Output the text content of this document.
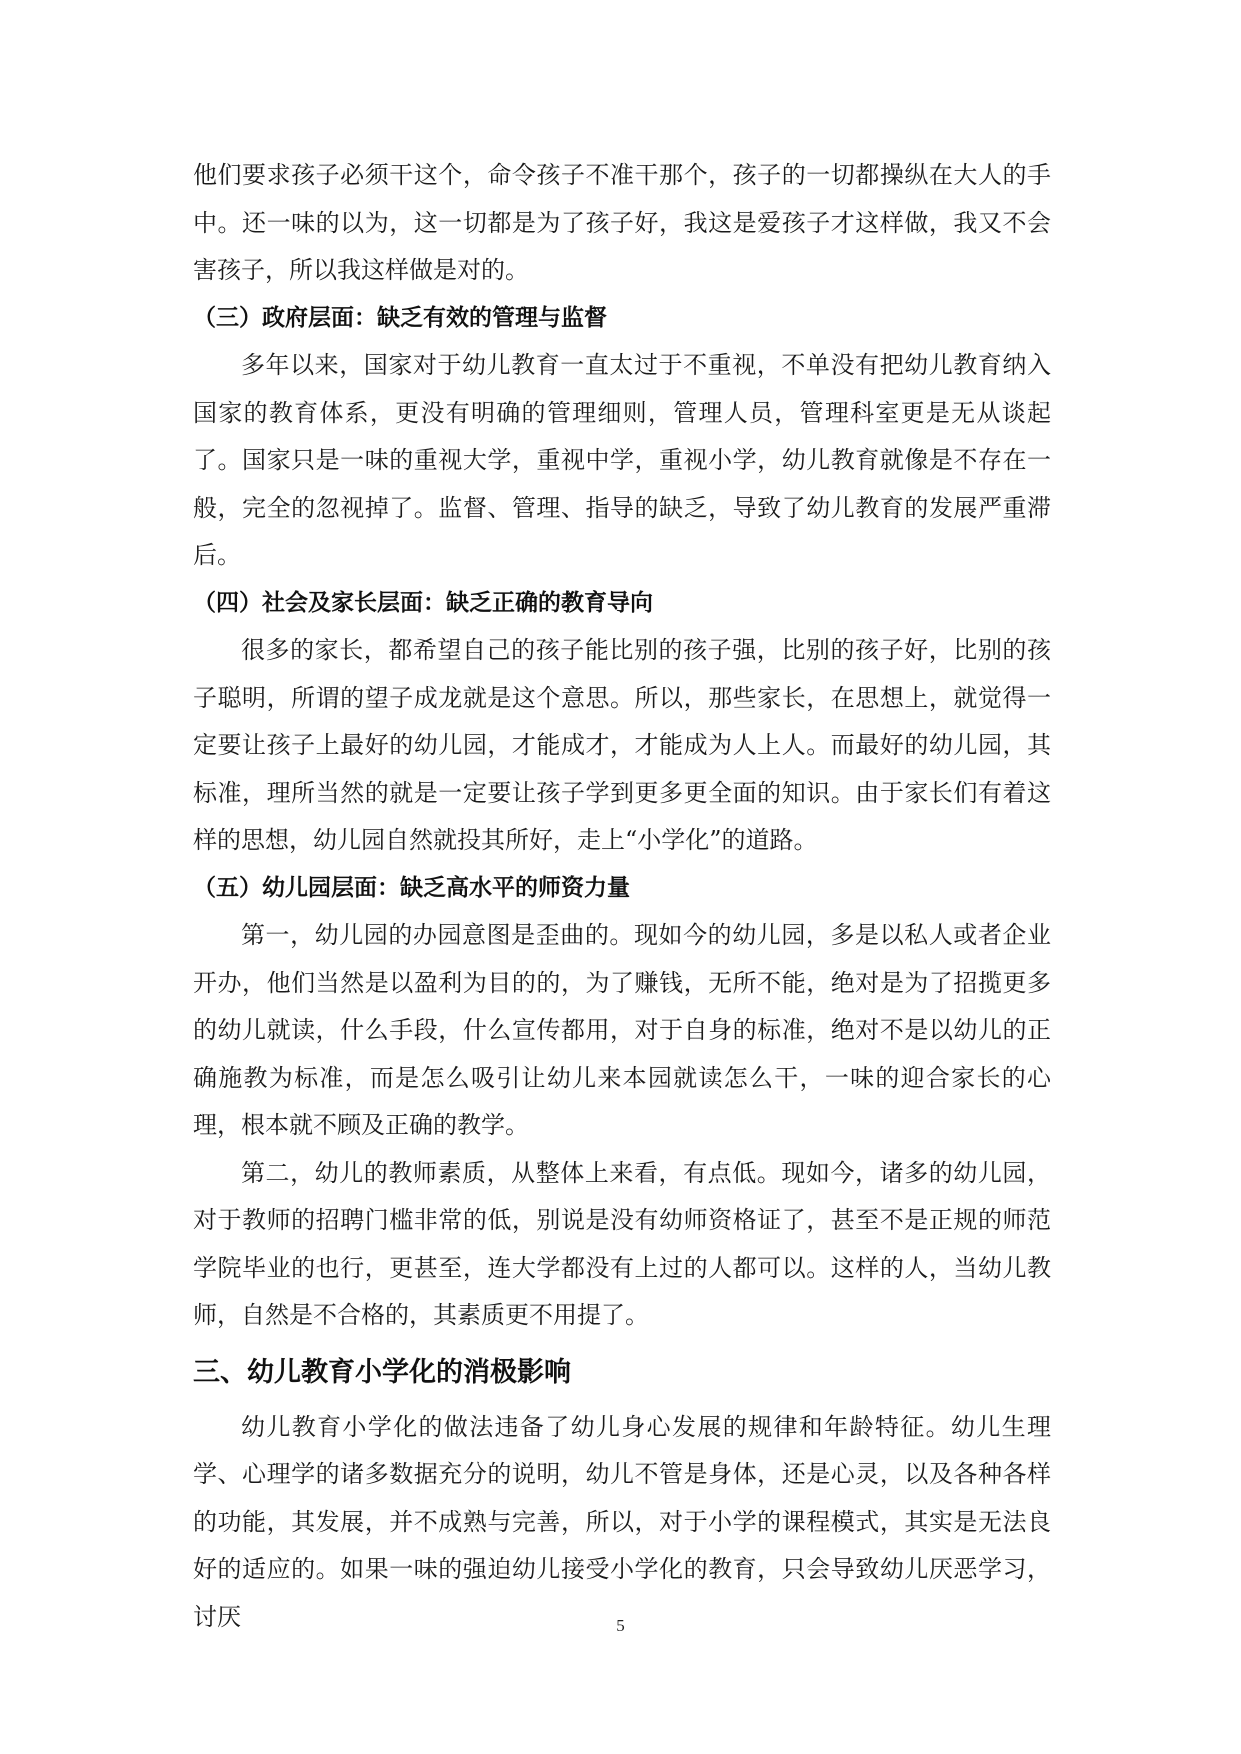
他们要求孩子必须干这个，命令孩子不准干那个，孩子的一切都操纵在大人的手中。还一味的以为，这一切都是为了孩子好，我这是爱孩子才这样做，我又不会害孩子，所以我这样做是对的。

（三）政府层面：缺乏有效的管理与监督

多年以来，国家对于幼儿教育一直太过于不重视，不单没有把幼儿教育纳入国家的教育体系，更没有明确的管理细则，管理人员，管理科室更是无从谈起了。国家只是一味的重视大学，重视中学，重视小学，幼儿教育就像是不存在一般，完全的忽视掉了。监督、管理、指导的缺乏，导致了幼儿教育的发展严重滞后。

（四）社会及家长层面：缺乏正确的教育导向

很多的家长，都希望自己的孩子能比别的孩子强，比别的孩子好，比别的孩子聪明，所谓的望子成龙就是这个意思。所以，那些家长，在思想上，就觉得一定要让孩子上最好的幼儿园，才能成才，才能成为人上人。而最好的幼儿园，其标准，理所当然的就是一定要让孩子学到更多更全面的知识。由于家长们有着这样的思想，幼儿园自然就投其所好，走上“小学化”的道路。

（五）幼儿园层面：缺乏高水平的师资力量

第一，幼儿园的办园意图是歪曲的。现如今的幼儿园，多是以私人或者企业开办，他们当然是以盈利为目的的，为了赚钱，无所不能，绝对是为了招揽更多的幼儿就读，什么手段，什么宣传都用，对于自身的标准，绝对不是以幼儿的正确施教为标准，而是怎么吸引让幼儿来本园就读怎么干，一味的迎合家长的心理，根本就不顾及正确的教学。

第二，幼儿的教师素质，从整体上来看，有点低。现如今，诸多的幼儿园，对于教师的招聘门槛非常的低，别说是没有幼师资格证了，甚至不是正规的师范学院毕业的也行，更甚至，连大学都没有上过的人都可以。这样的人，当幼儿教师，自然是不合格的，其素质更不用提了。

三、幼儿教育小学化的消极影响

幼儿教育小学化的做法违备了幼儿身心发展的规律和年龄特征。幼儿生理学、心理学的诸多数据充分的说明，幼儿不管是身体，还是心灵，以及各种各样的功能，其发展，并不成熟与完善，所以，对于小学的课程模式，其实是无法良好的适应的。如果一味的强迫幼儿接受小学化的教育，只会导致幼儿厌恶学习，讨厌	5
